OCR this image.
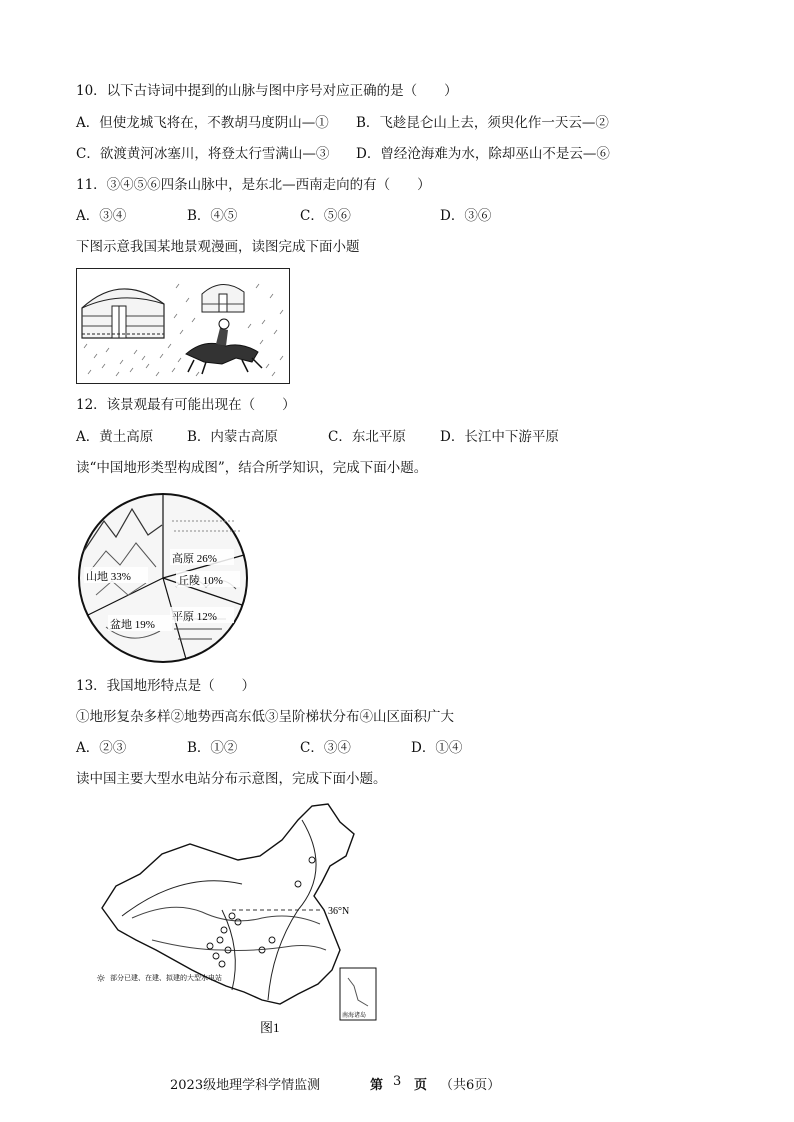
10．以下古诗词中提到的山脉与图中序号对应正确的是（　　）
A．但使龙城飞将在，不教胡马度阴山—① B．飞趁昆仑山上去，须臾化作一天云—②
C．欲渡黄河冰塞川，将登太行雪满山—③ D．曾经沧海难为水，除却巫山不是云—⑥
11．③④⑤⑥四条山脉中，是东北—西南走向的有（　　）
A．③④	B．④⑤	C．⑤⑥	D．③⑥
下图示意我国某地景观漫画，读图完成下面小题
12．该景观最有可能出现在（　　）
A．黄土高原	B．内蒙古高原	C．东北平原	D．长江中下游平原
读“中国地形类型构成图”，结合所学知识，完成下面小题。
高原 26%
丘陵 10%
山地 33%
盆地 19%
平原 12%
13．我国地形特点是（　　）
①地形复杂多样②地势西高东低③呈阶梯状分布④山区面积广大
A．②③	B．①②	C．③④	D．①④
读中国主要大型水电站分布示意图，完成下面小题。
36°N
☼ 部分已建、在建、拟建的大型水电站
南海诸岛
图1
2023级地理学科学情监测	第 3 页 （共6页）
